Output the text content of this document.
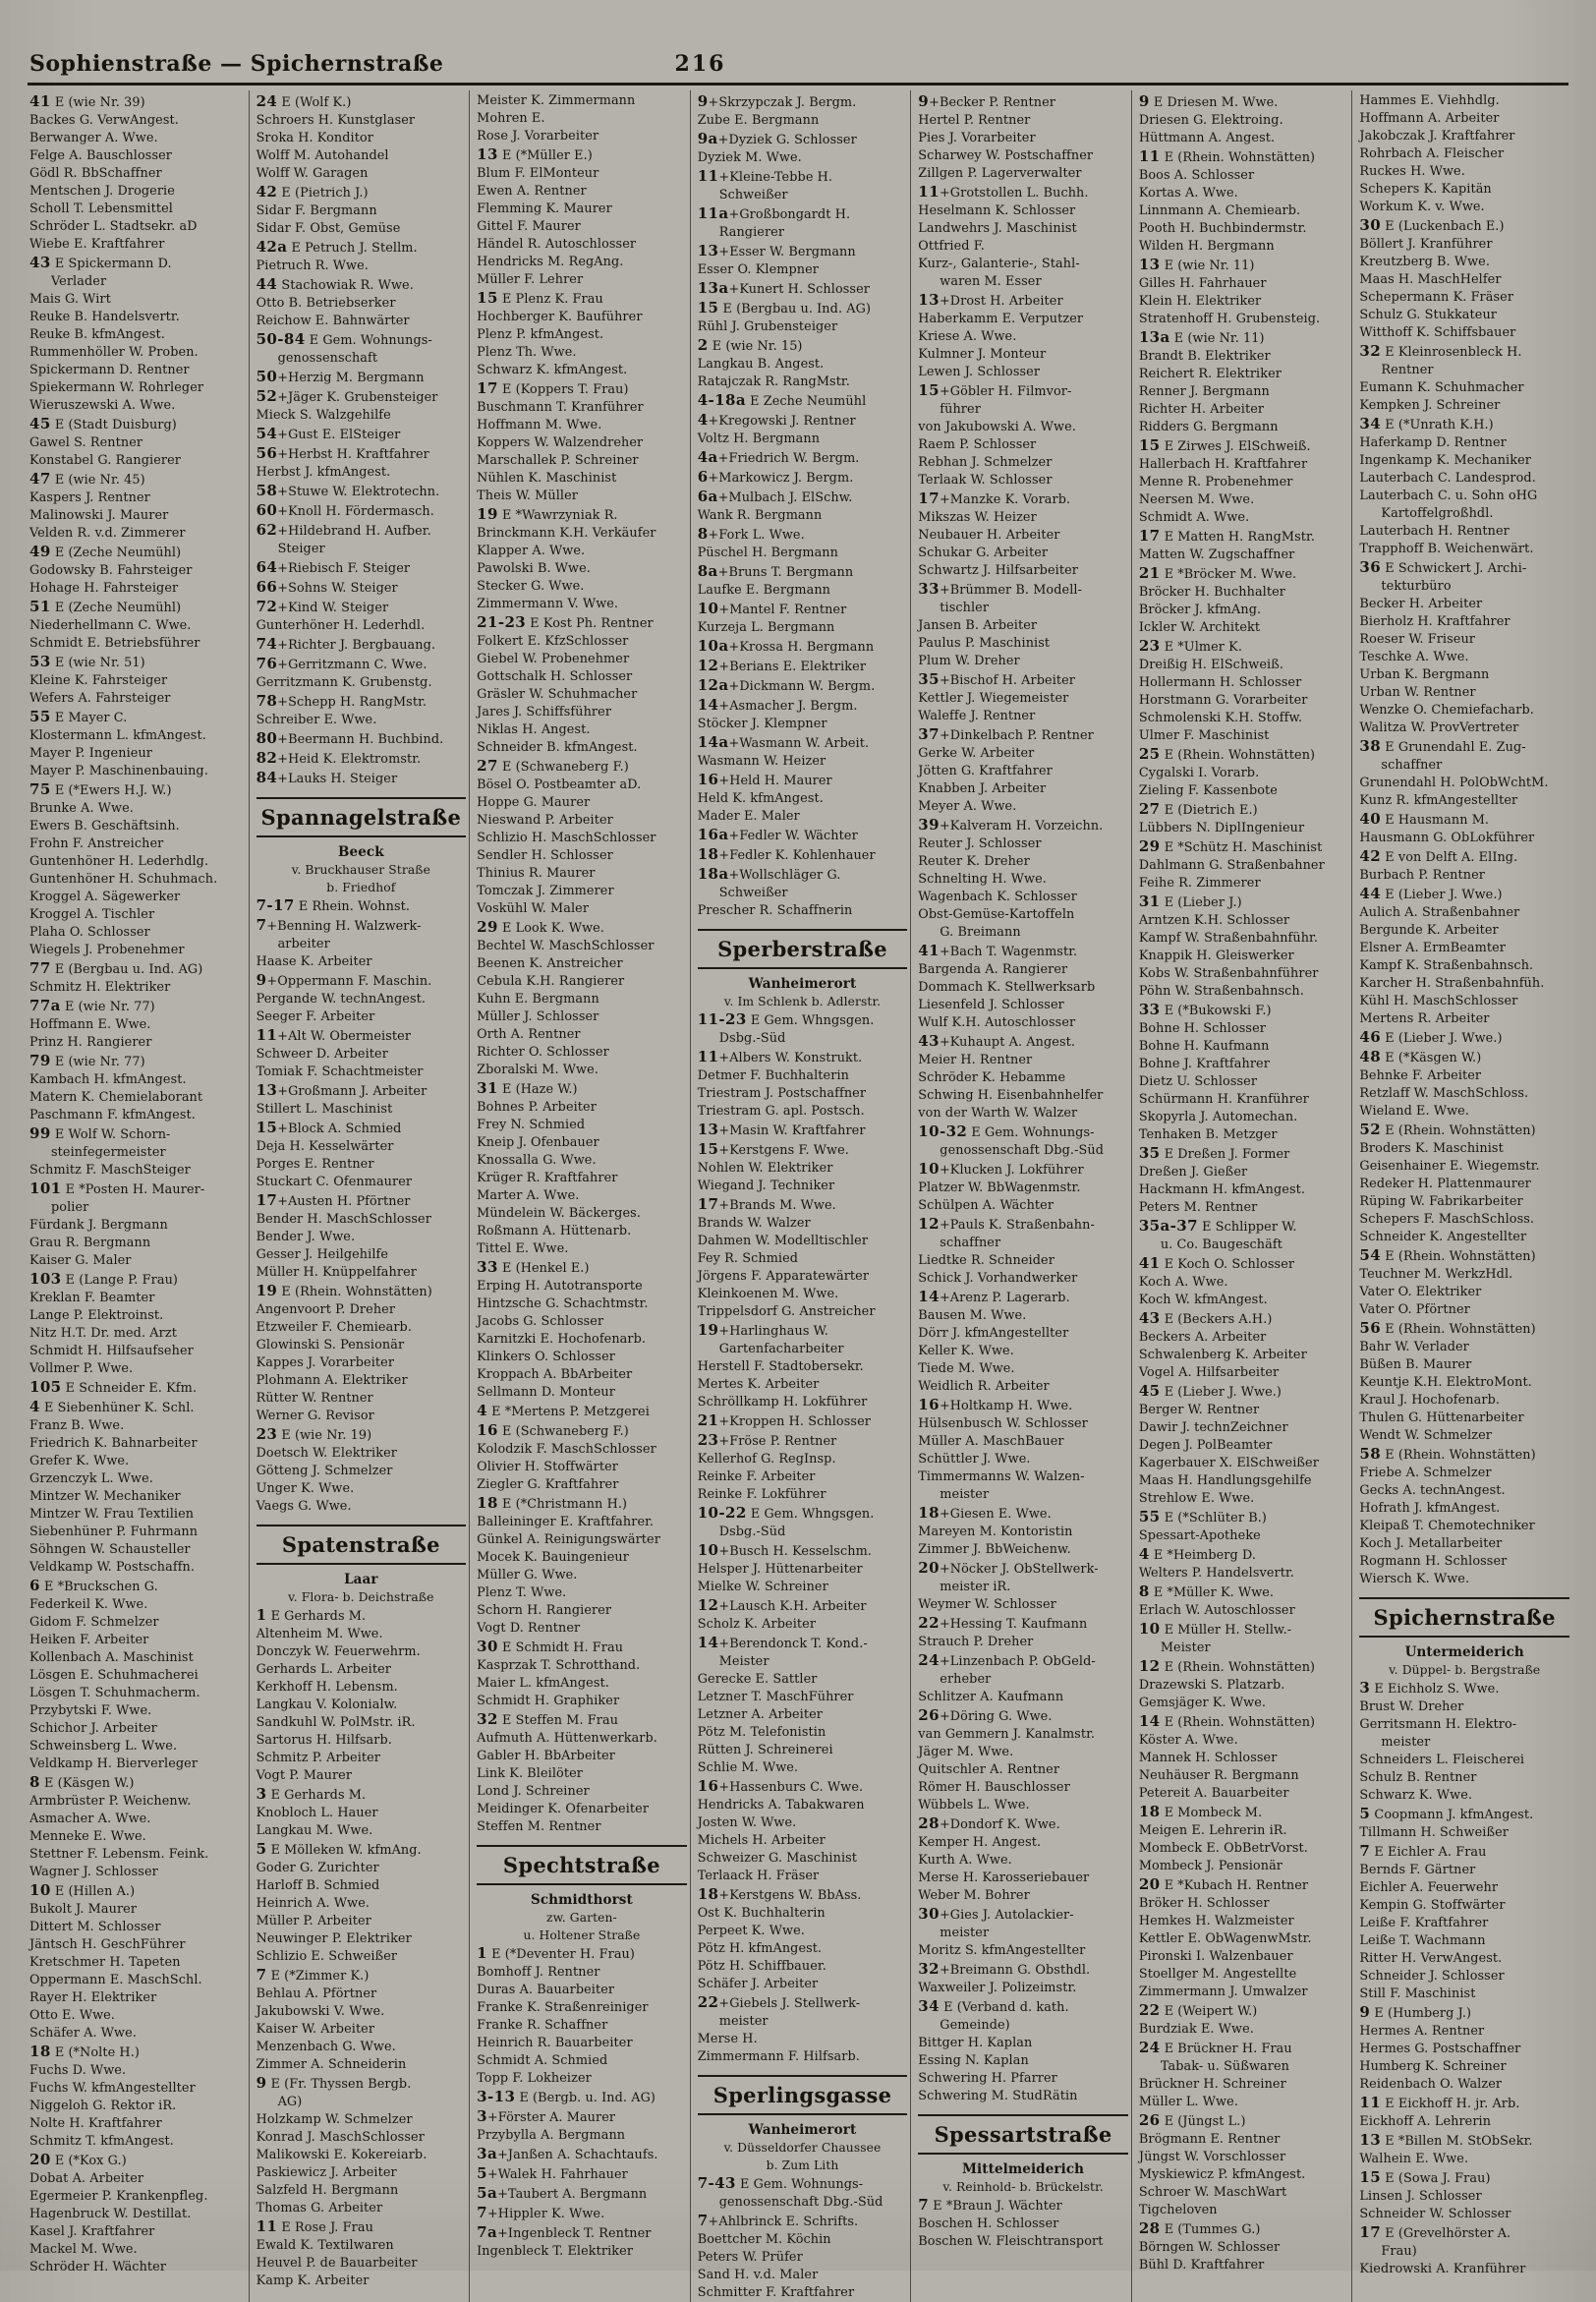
Sophienstraße — Spichernstraße	216
41 E (wie Nr. 39)
Backes G. VerwAngest.
Berwanger A. Wwe.
Felge A. Bauschlosser
Gödl R. BbSchaffner
Mentschen J. Drogerie
Scholl T. Lebensmittel
Schröder L. Stadtsekr. aD
Wiebe E. Kraftfahrer
43 E Spickermann D.
Verlader
Mais G. Wirt
Reuke B. Handelsvertr.
Reuke B. kfmAngest.
Rummenhöller W. Proben.
Spickermann D. Rentner
Spiekermann W. Rohrleger
Wieruszewski A. Wwe.
45 E (Stadt Duisburg)
Gawel S. Rentner
Konstabel G. Rangierer
47 E (wie Nr. 45)
Kaspers J. Rentner
Malinowski J. Maurer
Velden R. v.d. Zimmerer
49 E (Zeche Neumühl)
Godowsky B. Fahrsteiger
Hohage H. Fahrsteiger
51 E (Zeche Neumühl)
Niederhellmann C. Wwe.
Schmidt E. Betriebsführer
53 E (wie Nr. 51)
Kleine K. Fahrsteiger
Wefers A. Fahrsteiger
55 E Mayer C.
Klostermann L. kfmAngest.
Mayer P. Ingenieur
Mayer P. Maschinenbauing.
75 E (*Ewers H.J. W.)
Brunke A. Wwe.
Ewers B. Geschäftsinh.
Frohn F. Anstreicher
Guntenhöner H. Lederhdlg.
Guntenhöner H. Schuhmach.
Kroggel A. Sägewerker
Kroggel A. Tischler
Plaha O. Schlosser
Wiegels J. Probenehmer
77 E (Bergbau u. Ind. AG)
Schmitz H. Elektriker
77a E (wie Nr. 77)
Hoffmann E. Wwe.
Prinz H. Rangierer
79 E (wie Nr. 77)
Kambach H. kfmAngest.
Matern K. Chemielaborant
Paschmann F. kfmAngest.
99 E Wolf W. Schorn-
steinfegermeister
Schmitz F. MaschSteiger
101 E *Posten H. Maurer-
polier
Fürdank J. Bergmann
Grau R. Bergmann
Kaiser G. Maler
103 E (Lange P. Frau)
Kreklan F. Beamter
Lange P. Elektroinst.
Nitz H.T. Dr. med. Arzt
Schmidt H. Hilfsaufseher
Vollmer P. Wwe.
105 E Schneider E. Kfm.
4 E Siebenhüner K. Schl.
Franz B. Wwe.
Friedrich K. Bahnarbeiter
Grefer K. Wwe.
Grzenczyk L. Wwe.
Mintzer W. Mechaniker
Mintzer W. Frau Textilien
Siebenhüner P. Fuhrmann
Söhngen W. Schausteller
Veldkamp W. Postschaffn.
6 E *Bruckschen G.
Federkeil K. Wwe.
Gidom F. Schmelzer
Heiken F. Arbeiter
Kollenbach A. Maschinist
Lösgen E. Schuhmacherei
Lösgen T. Schuhmacherm.
Przybytski F. Wwe.
Schichor J. Arbeiter
Schweinsberg L. Wwe.
Veldkamp H. Bierverleger
8 E (Käsgen W.)
Armbrüster P. Weichenw.
Asmacher A. Wwe.
Menneke E. Wwe.
Stettner F. Lebensm. Feink.
Wagner J. Schlosser
10 E (Hillen A.)
Bukolt J. Maurer
Dittert M. Schlosser
Jäntsch H. GeschFührer
Kretschmer H. Tapeten
Oppermann E. MaschSchl.
Rayer H. Elektriker
Otto E. Wwe.
Schäfer A. Wwe.
18 E (*Nolte H.)
Fuchs D. Wwe.
Fuchs W. kfmAngestellter
Niggeloh G. Rektor iR.
Nolte H. Kraftfahrer
Schmitz T. kfmAngest.
20 E (*Kox G.)
Dobat A. Arbeiter
Egermeier P. Krankenpfleg.
Hagenbruck W. Destillat.
Kasel J. Kraftfahrer
Mackel M. Wwe.
Schröder H. Wächter
24 E (Wolf K.)
Schroers H. Kunstglaser
Sroka H. Konditor
Wolff M. Autohandel
Wolff W. Garagen
42 E (Pietrich J.)
Sidar F. Bergmann
Sidar F. Obst, Gemüse
42a E Petruch J. Stellm.
Pietruch R. Wwe.
44 Stachowiak R. Wwe.
Otto B. Betriebserker
Reichow E. Bahnwärter
50-84 E Gem. Wohnungs-
genossenschaft
50+Herzig M. Bergmann
52+Jäger K. Grubensteiger
Mieck S. Walzgehilfe
54+Gust E. ElSteiger
56+Herbst H. Kraftfahrer
Herbst J. kfmAngest.
58+Stuwe W. Elektrotechn.
60+Knoll H. Fördermasch.
62+Hildebrand H. Aufber.
Steiger
64+Riebisch F. Steiger
66+Sohns W. Steiger
72+Kind W. Steiger
Gunterhöner H. Lederhdl.
74+Richter J. Bergbauang.
76+Gerritzmann C. Wwe.
Gerritzmann K. Grubenstg.
78+Schepp H. RangMstr.
Schreiber E. Wwe.
80+Beermann H. Buchbind.
82+Heid K. Elektromstr.
84+Lauks H. Steiger
Spannagelstraße
Beeck
v. Bruckhauser Straße
b. Friedhof
7-17 E Rhein. Wohnst.
7+Benning H. Walzwerk-
arbeiter
Haase K. Arbeiter
9+Oppermann F. Maschin.
Pergande W. technAngest.
Seeger F. Arbeiter
11+Alt W. Obermeister
Schweer D. Arbeiter
Tomiak F. Schachtmeister
13+Großmann J. Arbeiter
Stillert L. Maschinist
15+Block A. Schmied
Deja H. Kesselwärter
Porges E. Rentner
Stuckart C. Ofenmaurer
17+Austen H. Pförtner
Bender H. MaschSchlosser
Bender J. Wwe.
Gesser J. Heilgehilfe
Müller H. Knüppelfahrer
19 E (Rhein. Wohnstätten)
Angenvoort P. Dreher
Etzweiler F. Chemiearb.
Glowinski S. Pensionär
Kappes J. Vorarbeiter
Plohmann A. Elektriker
Rütter W. Rentner
Werner G. Revisor
23 E (wie Nr. 19)
Doetsch W. Elektriker
Götteng J. Schmelzer
Unger K. Wwe.
Vaegs G. Wwe.
Spatenstraße
Laar
v. Flora- b. Deichstraße
1 E Gerhards M.
Altenheim M. Wwe.
Donczyk W. Feuerwehrm.
Gerhards L. Arbeiter
Kerkhoff H. Lebensm.
Langkau V. Kolonialw.
Sandkuhl W. PolMstr. iR.
Sartorus H. Hilfsarb.
Schmitz P. Arbeiter
Vogt P. Maurer
3 E Gerhards M.
Knobloch L. Hauer
Langkau M. Wwe.
5 E Mölleken W. kfmAng.
Goder G. Zurichter
Harloff B. Schmied
Heinrich A. Wwe.
Müller P. Arbeiter
Neuwinger P. Elektriker
Schlizio E. Schweißer
7 E (*Zimmer K.)
Behlau A. Pförtner
Jakubowski V. Wwe.
Kaiser W. Arbeiter
Menzenbach G. Wwe.
Zimmer A. Schneiderin
9 E (Fr. Thyssen Bergb.
AG)
Holzkamp W. Schmelzer
Konrad J. MaschSchlosser
Malikowski E. Kokereiarb.
Paskiewicz J. Arbeiter
Salzfeld H. Bergmann
Thomas G. Arbeiter
11 E Rose J. Frau
Ewald K. Textilwaren
Heuvel P. de Bauarbeiter
Kamp K. Arbeiter
Meister K. Zimmermann
Mohren E.
Rose J. Vorarbeiter
13 E (*Müller E.)
Blum F. ElMonteur
Ewen A. Rentner
Flemming K. Maurer
Gittel F. Maurer
Händel R. Autoschlosser
Hendricks M. RegAng.
Müller F. Lehrer
15 E Plenz K. Frau
Hochberger K. Bauführer
Plenz P. kfmAngest.
Plenz Th. Wwe.
Schwarz K. kfmAngest.
17 E (Koppers T. Frau)
Buschmann T. Kranführer
Hoffmann M. Wwe.
Koppers W. Walzendreher
Marschallek P. Schreiner
Nühlen K. Maschinist
Theis W. Müller
19 E *Wawrzyniak R.
Brinckmann K.H. Verkäufer
Klapper A. Wwe.
Pawolski B. Wwe.
Stecker G. Wwe.
Zimmermann V. Wwe.
21-23 E Kost Ph. Rentner
Folkert E. KfzSchlosser
Giebel W. Probenehmer
Gottschalk H. Schlosser
Gräsler W. Schuhmacher
Jares J. Schiffsführer
Niklas H. Angest.
Schneider B. kfmAngest.
27 E (Schwaneberg F.)
Bösel O. Postbeamter aD.
Hoppe G. Maurer
Nieswand P. Arbeiter
Schlizio H. MaschSchlosser
Sendler H. Schlosser
Thinius R. Maurer
Tomczak J. Zimmerer
Voskühl W. Maler
29 E Look K. Wwe.
Bechtel W. MaschSchlosser
Beenen K. Anstreicher
Cebula K.H. Rangierer
Kuhn E. Bergmann
Müller J. Schlosser
Orth A. Rentner
Richter O. Schlosser
Zboralski M. Wwe.
31 E (Haze W.)
Bohnes P. Arbeiter
Frey N. Schmied
Kneip J. Ofenbauer
Knossalla G. Wwe.
Krüger R. Kraftfahrer
Marter A. Wwe.
Mündelein W. Bäckerges.
Roßmann A. Hüttenarb.
Tittel E. Wwe.
33 E (Henkel E.)
Erping H. Autotransporte
Hintzsche G. Schachtmstr.
Jacobs G. Schlosser
Karnitzki E. Hochofenarb.
Klinkers O. Schlosser
Kroppach A. BbArbeiter
Sellmann D. Monteur
4 E *Mertens P. Metzgerei
16 E (Schwaneberg F.)
Kolodzik F. MaschSchlosser
Olivier H. Stoffwärter
Ziegler G. Kraftfahrer
18 E (*Christmann H.)
Balleininger E. Kraftfahrer.
Günkel A. Reinigungswärter
Mocek K. Bauingenieur
Müller G. Wwe.
Plenz T. Wwe.
Schorn H. Rangierer
Vogt D. Rentner
30 E Schmidt H. Frau
Kasprzak T. Schrotthand.
Maier L. kfmAngest.
Schmidt H. Graphiker
32 E Steffen M. Frau
Aufmuth A. Hüttenwerkarb.
Gabler H. BbArbeiter
Link K. Bleilöter
Lond J. Schreiner
Meidinger K. Ofenarbeiter
Steffen M. Rentner
Spechtstraße
Schmidthorst
zw. Garten-
u. Holtener Straße
1 E (*Deventer H. Frau)
Bomhoff J. Rentner
Duras A. Bauarbeiter
Franke K. Straßenreiniger
Franke R. Schaffner
Heinrich R. Bauarbeiter
Schmidt A. Schmied
Topp F. Lokheizer
3-13 E (Bergb. u. Ind. AG)
3+Förster A. Maurer
Przybylla A. Bergmann
3a+Janßen A. Schachtaufs.
5+Walek H. Fahrhauer
5a+Taubert A. Bergmann
7+Hippler K. Wwe.
7a+Ingenbleck T. Rentner
Ingenbleck T. Elektriker
9+Skrzypczak J. Bergm.
Zube E. Bergmann
9a+Dyziek G. Schlosser
Dyziek M. Wwe.
11+Kleine-Tebbe H.
Schweißer
11a+Großbongardt H.
Rangierer
13+Esser W. Bergmann
Esser O. Klempner
13a+Kunert H. Schlosser
15 E (Bergbau u. Ind. AG)
Rühl J. Grubensteiger
2 E (wie Nr. 15)
Langkau B. Angest.
Ratajczak R. RangMstr.
4-18a E Zeche Neumühl
4+Kregowski J. Rentner
Voltz H. Bergmann
4a+Friedrich W. Bergm.
6+Markowicz J. Bergm.
6a+Mulbach J. ElSchw.
Wank R. Bergmann
8+Fork L. Wwe.
Püschel H. Bergmann
8a+Bruns T. Bergmann
Laufke E. Bergmann
10+Mantel F. Rentner
Kurzeja L. Bergmann
10a+Krossa H. Bergmann
12+Berians E. Elektriker
12a+Dickmann W. Bergm.
14+Asmacher J. Bergm.
Stöcker J. Klempner
14a+Wasmann W. Arbeit.
Wasmann W. Heizer
16+Held H. Maurer
Held K. kfmAngest.
Mader E. Maler
16a+Fedler W. Wächter
18+Fedler K. Kohlenhauer
18a+Wollschläger G.
Schweißer
Prescher R. Schaffnerin
Sperberstraße
Wanheimerort
v. Im Schlenk b. Adlerstr.
11-23 E Gem. Whngsgen.
Dsbg.-Süd
11+Albers W. Konstrukt.
Detmer F. Buchhalterin
Triestram J. Postschaffner
Triestram G. apl. Postsch.
13+Masin W. Kraftfahrer
15+Kerstgens F. Wwe.
Nohlen W. Elektriker
Wiegand J. Techniker
17+Brands M. Wwe.
Brands W. Walzer
Dahmen W. Modelltischler
Fey R. Schmied
Jörgens F. Apparatewärter
Kleinkoenen M. Wwe.
Trippelsdorf G. Anstreicher
19+Harlinghaus W.
Gartenfacharbeiter
Herstell F. Stadtobersekr.
Mertes K. Arbeiter
Schröllkamp H. Lokführer
21+Kroppen H. Schlosser
23+Fröse P. Rentner
Kellerhof G. RegInsp.
Reinke F. Arbeiter
Reinke F. Lokführer
10-22 E Gem. Whngsgen.
Dsbg.-Süd
10+Busch H. Kesselschm.
Helsper J. Hüttenarbeiter
Mielke W. Schreiner
12+Lausch K.H. Arbeiter
Scholz K. Arbeiter
14+Berendonck T. Kond.-
Meister
Gerecke E. Sattler
Letzner T. MaschFührer
Letzner A. Arbeiter
Pötz M. Telefonistin
Rütten J. Schreinerei
Schlie M. Wwe.
16+Hassenburs C. Wwe.
Hendricks A. Tabakwaren
Josten W. Wwe.
Michels H. Arbeiter
Schweizer G. Maschinist
Terlaack H. Fräser
18+Kerstgens W. BbAss.
Ost K. Buchhalterin
Perpeet K. Wwe.
Pötz H. kfmAngest.
Pötz H. Schiffbauer.
Schäfer J. Arbeiter
22+Giebels J. Stellwerk-
meister
Merse H.
Zimmermann F. Hilfsarb.
Sperlingsgasse
Wanheimerort
v. Düsseldorfer Chaussee
b. Zum Lith
7-43 E Gem. Wohnungs-
genossenschaft Dbg.-Süd
7+Ahlbrinck E. Schrifts.
Boettcher M. Köchin
Peters W. Prüfer
Sand H. v.d. Maler
Schmitter F. Kraftfahrer
9+Becker P. Rentner
Hertel P. Rentner
Pies J. Vorarbeiter
Scharwey W. Postschaffner
Zillgen P. Lagerverwalter
11+Grotstollen L. Buchh.
Heselmann K. Schlosser
Landwehrs J. Maschinist
Ottfried F.
Kurz-, Galanterie-, Stahl-
waren M. Esser
13+Drost H. Arbeiter
Haberkamm E. Verputzer
Kriese A. Wwe.
Kulmner J. Monteur
Lewen J. Schlosser
15+Göbler H. Filmvor-
führer
von Jakubowski A. Wwe.
Raem P. Schlosser
Rebhan J. Schmelzer
Terlaak W. Schlosser
17+Manzke K. Vorarb.
Mikszas W. Heizer
Neubauer H. Arbeiter
Schukar G. Arbeiter
Schwartz J. Hilfsarbeiter
33+Brümmer B. Modell-
tischler
Jansen B. Arbeiter
Paulus P. Maschinist
Plum W. Dreher
35+Bischof H. Arbeiter
Kettler J. Wiegemeister
Waleffe J. Rentner
37+Dinkelbach P. Rentner
Gerke W. Arbeiter
Jötten G. Kraftfahrer
Knabben J. Arbeiter
Meyer A. Wwe.
39+Kalveram H. Vorzeichn.
Reuter J. Schlosser
Reuter K. Dreher
Schnelting H. Wwe.
Wagenbach K. Schlosser
Obst-Gemüse-Kartoffeln
G. Breimann
41+Bach T. Wagenmstr.
Bargenda A. Rangierer
Dommach K. Stellwerksarb
Liesenfeld J. Schlosser
Wulf K.H. Autoschlosser
43+Kuhaupt A. Angest.
Meier H. Rentner
Schröder K. Hebamme
Schwing H. Eisenbahnhelfer
von der Warth W. Walzer
10-32 E Gem. Wohnungs-
genossenschaft Dbg.-Süd
10+Klucken J. Lokführer
Platzer W. BbWagenmstr.
Schülpen A. Wächter
12+Pauls K. Straßenbahn-
schaffner
Liedtke R. Schneider
Schick J. Vorhandwerker
14+Arenz P. Lagerarb.
Bausen M. Wwe.
Dörr J. kfmAngestellter
Keller K. Wwe.
Tiede M. Wwe.
Weidlich R. Arbeiter
16+Holtkamp H. Wwe.
Hülsenbusch W. Schlosser
Müller A. MaschBauer
Schüttler J. Wwe.
Timmermanns W. Walzen-
meister
18+Giesen E. Wwe.
Mareyen M. Kontoristin
Zimmer J. BbWeichenw.
20+Nöcker J. ObStellwerk-
meister iR.
Weymer W. Schlosser
22+Hessing T. Kaufmann
Strauch P. Dreher
24+Linzenbach P. ObGeld-
erheber
Schlitzer A. Kaufmann
26+Döring G. Wwe.
van Gemmern J. Kanalmstr.
Jäger M. Wwe.
Quitschler A. Rentner
Römer H. Bauschlosser
Wübbels L. Wwe.
28+Dondorf K. Wwe.
Kemper H. Angest.
Kurth A. Wwe.
Merse H. Karosseriebauer
Weber M. Bohrer
30+Gies J. Autolackier-
meister
Moritz S. kfmAngestellter
32+Breimann G. Obsthdl.
Waxweiler J. Polizeimstr.
34 E (Verband d. kath.
Gemeinde)
Bittger H. Kaplan
Essing N. Kaplan
Schwering H. Pfarrer
Schwering M. StudRätin
Spessartstraße
Mittelmeiderich
v. Reinhold- b. Brückelstr.
7 E *Braun J. Wächter
Boschen H. Schlosser
Boschen W. Fleischtransport
9 E Driesen M. Wwe.
Driesen G. Elektroing.
Hüttmann A. Angest.
11 E (Rhein. Wohnstätten)
Boos A. Schlosser
Kortas A. Wwe.
Linnmann A. Chemiearb.
Pooth H. Buchbindermstr.
Wilden H. Bergmann
13 E (wie Nr. 11)
Gilles H. Fahrhauer
Klein H. Elektriker
Stratenhoff H. Grubensteig.
13a E (wie Nr. 11)
Brandt B. Elektriker
Reichert R. Elektriker
Renner J. Bergmann
Richter H. Arbeiter
Ridders G. Bergmann
15 E Zirwes J. ElSchweiß.
Hallerbach H. Kraftfahrer
Menne R. Probenehmer
Neersen M. Wwe.
Schmidt A. Wwe.
17 E Matten H. RangMstr.
Matten W. Zugschaffner
21 E *Bröcker M. Wwe.
Bröcker H. Buchhalter
Bröcker J. kfmAng.
Ickler W. Architekt
23 E *Ulmer K.
Dreißig H. ElSchweiß.
Hollermann H. Schlosser
Horstmann G. Vorarbeiter
Schmolenski K.H. Stoffw.
Ulmer F. Maschinist
25 E (Rhein. Wohnstätten)
Cygalski I. Vorarb.
Zieling F. Kassenbote
27 E (Dietrich E.)
Lübbers N. DiplIngenieur
29 E *Schütz H. Maschinist
Dahlmann G. Straßenbahner
Feihe R. Zimmerer
31 E (Lieber J.)
Arntzen K.H. Schlosser
Kampf W. Straßenbahnführ.
Knappik H. Gleiswerker
Kobs W. Straßenbahnführer
Pöhn W. Straßenbahnsch.
33 E (*Bukowski F.)
Bohne H. Schlosser
Bohne H. Kaufmann
Bohne J. Kraftfahrer
Dietz U. Schlosser
Schürmann H. Kranführer
Skopyrla J. Automechan.
Tenhaken B. Metzger
35 E Dreßen J. Former
Dreßen J. Gießer
Hackmann H. kfmAngest.
Peters M. Rentner
35a-37 E Schlipper W.
u. Co. Baugeschäft
41 E Koch O. Schlosser
Koch A. Wwe.
Koch W. kfmAngest.
43 E (Beckers A.H.)
Beckers A. Arbeiter
Schwalenberg K. Arbeiter
Vogel A. Hilfsarbeiter
45 E (Lieber J. Wwe.)
Berger W. Rentner
Dawir J. technZeichner
Degen J. PolBeamter
Kagerbauer X. ElSchweißer
Maas H. Handlungsgehilfe
Strehlow E. Wwe.
55 E (*Schlüter B.)
Spessart-Apotheke
4 E *Heimberg D.
Welters P. Handelsvertr.
8 E *Müller K. Wwe.
Erlach W. Autoschlosser
10 E Müller H. Stellw.-
Meister
12 E (Rhein. Wohnstätten)
Drazewski S. Platzarb.
Gemsjäger K. Wwe.
14 E (Rhein. Wohnstätten)
Köster A. Wwe.
Mannek H. Schlosser
Neuhäuser R. Bergmann
Petereit A. Bauarbeiter
18 E Mombeck M.
Meigen E. Lehrerin iR.
Mombeck E. ObBetrVorst.
Mombeck J. Pensionär
20 E *Kubach H. Rentner
Bröker H. Schlosser
Hemkes H. Walzmeister
Kettler E. ObWagenwMstr.
Pironski I. Walzenbauer
Stoellger M. Angestellte
Zimmermann J. Umwalzer
22 E (Weipert W.)
Burdziak E. Wwe.
24 E Brückner H. Frau
Tabak- u. Süßwaren
Brückner H. Schreiner
Müller L. Wwe.
26 E (Jüngst L.)
Brögmann E. Rentner
Jüngst W. Vorschlosser
Myskiewicz P. kfmAngest.
Schroer W. MaschWart
Tigcheloven
28 E (Tummes G.)
Börngen W. Schlosser
Bühl D. Kraftfahrer
Hammes E. Viehhdlg.
Hoffmann A. Arbeiter
Jakobczak J. Kraftfahrer
Rohrbach A. Fleischer
Ruckes H. Wwe.
Schepers K. Kapitän
Workum K. v. Wwe.
30 E (Luckenbach E.)
Böllert J. Kranführer
Kreutzberg B. Wwe.
Maas H. MaschHelfer
Schepermann K. Fräser
Schulz G. Stukkateur
Witthoff K. Schiffsbauer
32 E Kleinrosenbleck H.
Rentner
Eumann K. Schuhmacher
Kempken J. Schreiner
34 E (*Unrath K.H.)
Haferkamp D. Rentner
Ingenkamp K. Mechaniker
Lauterbach C. Landesprod.
Lauterbach C. u. Sohn oHG
Kartoffelgroßhdl.
Lauterbach H. Rentner
Trapphoff B. Weichenwärt.
36 E Schwickert J. Archi-
tekturbüro
Becker H. Arbeiter
Bierholz H. Kraftfahrer
Roeser W. Friseur
Teschke A. Wwe.
Urban K. Bergmann
Urban W. Rentner
Wenzke O. Chemiefacharb.
Walitza W. ProvVertreter
38 E Grunendahl E. Zug-
schaffner
Grunendahl H. PolObWchtM.
Kunz R. kfmAngestellter
40 E Hausmann M.
Hausmann G. ObLokführer
42 E von Delft A. ElIng.
Burbach P. Rentner
44 E (Lieber J. Wwe.)
Aulich A. Straßenbahner
Bergunde K. Arbeiter
Elsner A. ErmBeamter
Kampf K. Straßenbahnsch.
Karcher H. Straßenbahnfüh.
Kühl H. MaschSchlosser
Mertens R. Arbeiter
46 E (Lieber J. Wwe.)
48 E (*Käsgen W.)
Behnke F. Arbeiter
Retzlaff W. MaschSchloss.
Wieland E. Wwe.
52 E (Rhein. Wohnstätten)
Broders K. Maschinist
Geisenhainer E. Wiegemstr.
Redeker H. Plattenmaurer
Rüping W. Fabrikarbeiter
Schepers F. MaschSchloss.
Schneider K. Angestellter
54 E (Rhein. Wohnstätten)
Teuchner M. WerkzHdl.
Vater O. Elektriker
Vater O. Pförtner
56 E (Rhein. Wohnstätten)
Bahr W. Verlader
Büßen B. Maurer
Keuntje K.H. ElektroMont.
Kraul J. Hochofenarb.
Thulen G. Hüttenarbeiter
Wendt W. Schmelzer
58 E (Rhein. Wohnstätten)
Friebe A. Schmelzer
Gecks A. technAngest.
Hofrath J. kfmAngest.
Kleipaß T. Chemotechniker
Koch J. Metallarbeiter
Rogmann H. Schlosser
Wiersch K. Wwe.
Spichernstraße
Untermeiderich
v. Düppel- b. Bergstraße
3 E Eichholz S. Wwe.
Brust W. Dreher
Gerritsmann H. Elektro-
meister
Schneiders L. Fleischerei
Schulz B. Rentner
Schwarz K. Wwe.
5 Coopmann J. kfmAngest.
Tillmann H. Schweißer
7 E Eichler A. Frau
Bernds F. Gärtner
Eichler A. Feuerwehr
Kempin G. Stoffwärter
Leiße F. Kraftfahrer
Leiße T. Wachmann
Ritter H. VerwAngest.
Schneider J. Schlosser
Still F. Maschinist
9 E (Humberg J.)
Hermes A. Rentner
Hermes G. Postschaffner
Humberg K. Schreiner
Reidenbach O. Walzer
11 E Eickhoff H. jr. Arb.
Eickhoff A. Lehrerin
13 E *Billen M. StObSekr.
Walhein E. Wwe.
15 E (Sowa J. Frau)
Linsen J. Schlosser
Schneider W. Schlosser
17 E (Grevelhörster A.
Frau)
Kiedrowski A. Kranführer
